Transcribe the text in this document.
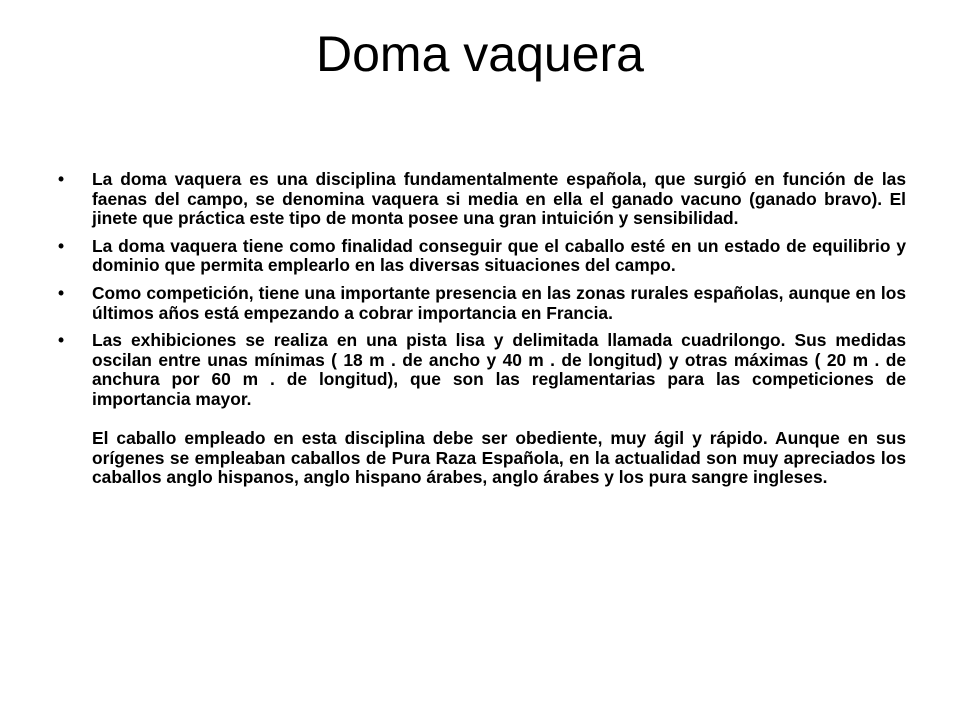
Doma vaquera
• La doma vaquera es una disciplina fundamentalmente española, que surgió en función de las faenas del campo, se denomina vaquera si media en ella el ganado vacuno (ganado bravo). El jinete que práctica este tipo de monta posee una gran intuición y sensibilidad.
• La doma vaquera tiene como finalidad conseguir que el caballo esté en un estado de equilibrio y dominio que permita emplearlo en las diversas situaciones del campo.
• Como competición, tiene una importante presencia en las zonas rurales españolas, aunque en los últimos años está empezando a cobrar importancia en Francia.
• Las exhibiciones se realiza en una pista lisa y delimitada llamada cuadrilongo. Sus medidas oscilan entre unas mínimas ( 18 m . de ancho y 40 m . de longitud) y otras máximas ( 20 m . de anchura por 60 m . de longitud), que son las reglamentarias para las competiciones de importancia mayor.
El caballo empleado en esta disciplina debe ser obediente, muy ágil y rápido. Aunque en sus orígenes se empleaban caballos de Pura Raza Española, en la actualidad son muy apreciados los caballos anglo hispanos, anglo hispano árabes, anglo árabes y los pura sangre ingleses.
